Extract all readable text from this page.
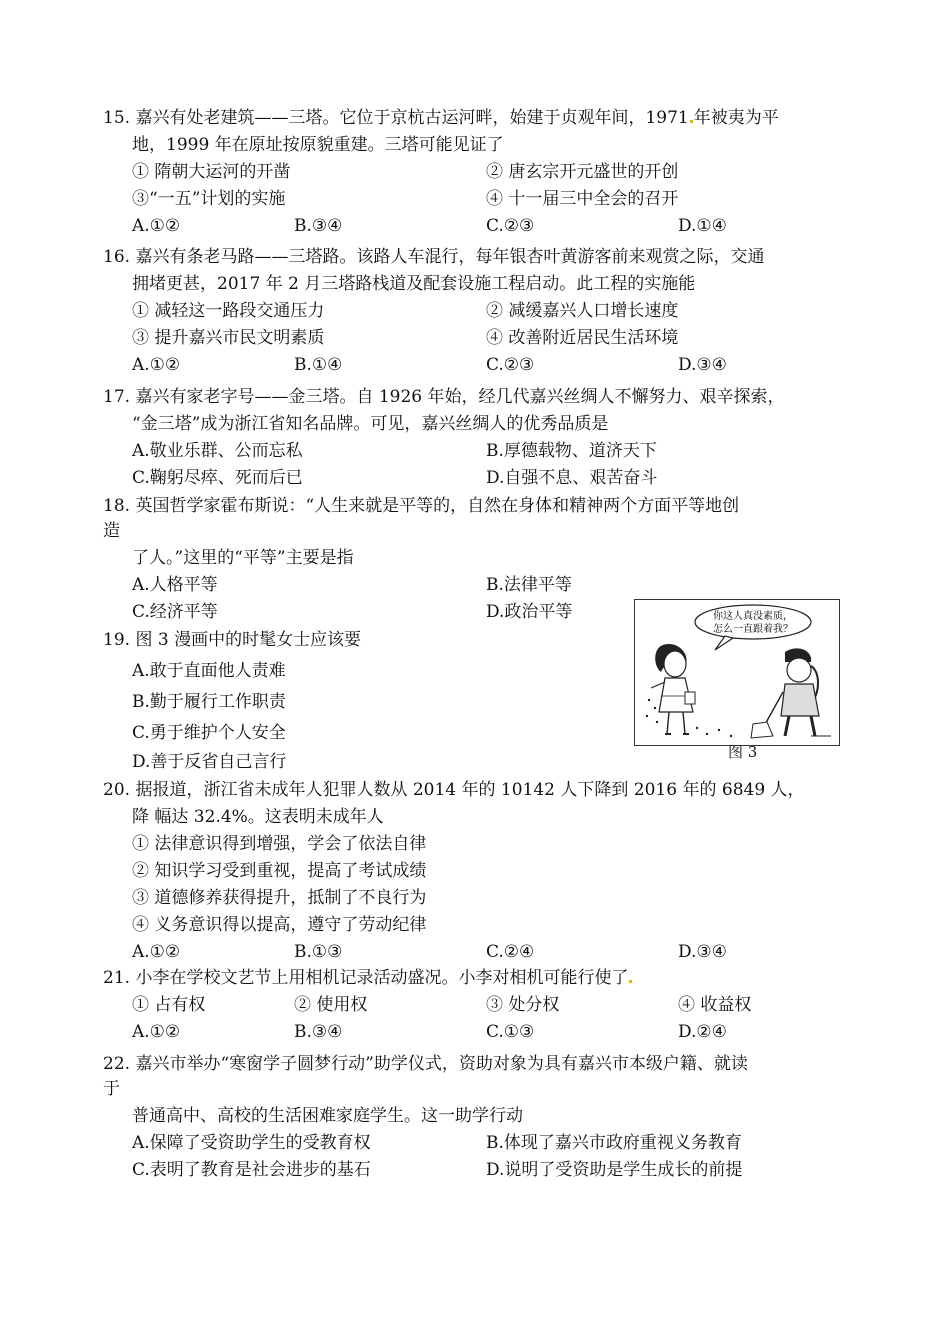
15. 嘉兴有处老建筑——三塔。它位于京杭古运河畔，始建于贞观年间，1971 年被夷为平
地，1999 年在原址按原貌重建。三塔可能见证了
① 隋朝大运河的开凿	② 唐玄宗开元盛世的开创
③“一五”计划的实施	④ 十一届三中全会的召开
A.①②	B.③④	C.②③	D.①④
16. 嘉兴有条老马路——三塔路。该路人车混行，每年银杏叶黄游客前来观赏之际，交通
拥堵更甚，2017 年 2 月三塔路栈道及配套设施工程启动。此工程的实施能
① 减轻这一路段交通压力	② 减缓嘉兴人口增长速度
③ 提升嘉兴市民文明素质	④ 改善附近居民生活环境
A.①②	B.①④	C.②③	D.③④
17. 嘉兴有家老字号——金三塔。自 1926 年始，经几代嘉兴丝绸人不懈努力、艰辛探索，
“金三塔”成为浙江省知名品牌。可见，嘉兴丝绸人的优秀品质是
A.敬业乐群、公而忘私	B.厚德载物、道济天下
C.鞠躬尽瘁、死而后已	D.自强不息、艰苦奋斗
18. 英国哲学家霍布斯说：“人生来就是平等的，自然在身体和精神两个方面平等地创
造
了人。”这里的“平等”主要是指
A.人格平等	B.法律平等
C.经济平等	D.政治平等
19. 图 3 漫画中的时髦女士应该要
A.敢于直面他人责难
B.勤于履行工作职责
C.勇于维护个人安全
D.善于反省自己言行
你这人真没素质，
怎么一直跟着我？
图 3
20. 据报道，浙江省未成年人犯罪人数从 2014 年的 10142 人下降到 2016 年的 6849 人，
降 幅达 32.4%。这表明未成年人
① 法律意识得到增强，学会了依法自律
② 知识学习受到重视，提高了考试成绩
③ 道德修养获得提升，抵制了不良行为
④ 义务意识得以提高，遵守了劳动纪律
A.①②	B.①③	C.②④	D.③④
21. 小李在学校文艺节上用相机记录活动盛况。小李对相机可能行使了
① 占有权	② 使用权	③ 处分权	④ 收益权
A.①②	B.③④	C.①③	D.②④
22. 嘉兴市举办“寒窗学子圆梦行动”助学仪式，资助对象为具有嘉兴市本级户籍、就读
于
普通高中、高校的生活困难家庭学生。这一助学行动
A.保障了受资助学生的受教育权	B.体现了嘉兴市政府重视义务教育
C.表明了教育是社会进步的基石	D.说明了受资助是学生成长的前提
